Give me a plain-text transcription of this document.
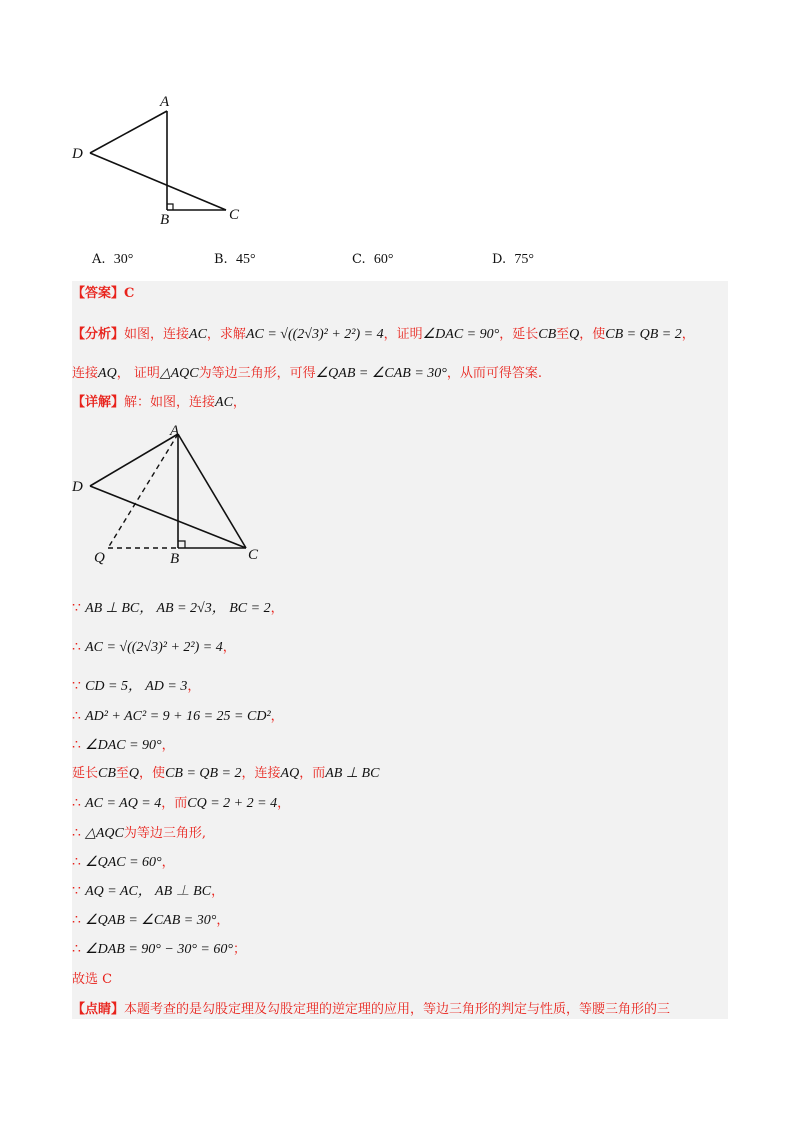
A
D
B	C
A. 30°	B. 45°	C. 60°	D. 75°
【答案】C
【分析】如图，连接AC，求解AC = √((2√3)² + 2²) = 4，证明∠DAC = 90°，延长CB至Q，使CB = QB = 2，
连接AQ， 证明△AQC为等边三角形，可得∠QAB = ∠CAB = 30°，从而可得答案.
【详解】解：如图，连接AC，
A
D
Q	B	C
∵ AB ⊥ BC， AB = 2√3， BC = 2，
∴ AC = √((2√3)² + 2²) = 4，
∵ CD = 5， AD = 3，
∴ AD² + AC² = 9 + 16 = 25 = CD²，
∴ ∠DAC = 90°，
延长CB至Q，使CB = QB = 2，连接AQ，而AB ⊥ BC
∴ AC = AQ = 4，而CQ = 2 + 2 = 4，
∴ △AQC为等边三角形,
∴ ∠QAC = 60°，
∵ AQ = AC， AB ⊥ BC，
∴ ∠QAB = ∠CAB = 30°，
∴ ∠DAB = 90° − 30° = 60°；
故选 C
【点睛】本题考查的是勾股定理及勾股定理的逆定理的应用，等边三角形的判定与性质，等腰三角形的三
